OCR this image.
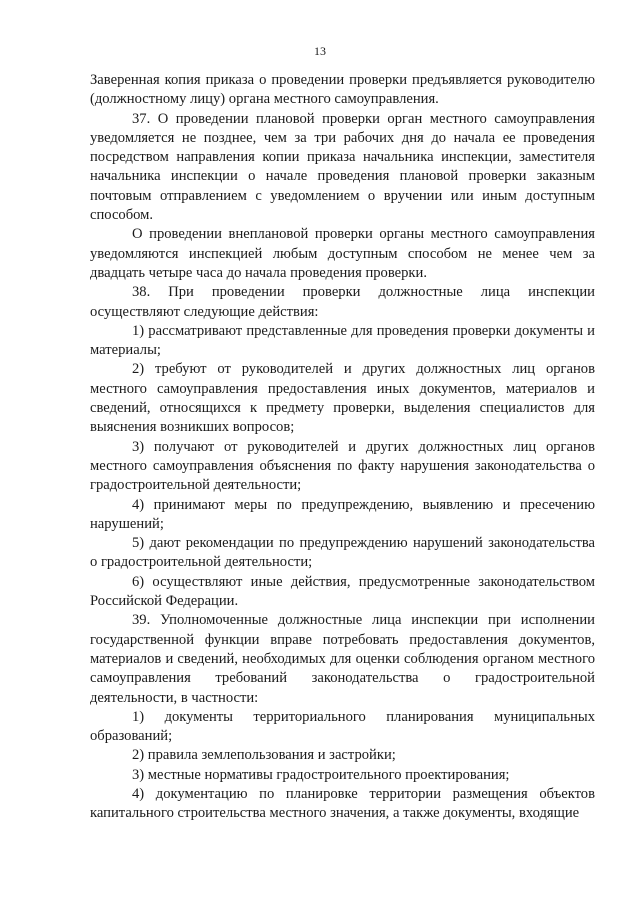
13

Заверенная копия приказа о проведении проверки предъявляется руководителю (должностному лицу) органа местного самоуправления.

37. О проведении плановой проверки орган местного самоуправления уведомляется не позднее, чем за три рабочих дня до начала ее проведения посредством направления копии приказа начальника инспекции, заместителя начальника инспекции о начале проведения плановой проверки заказным почтовым отправлением с уведомлением о вручении или иным доступным способом.

О проведении внеплановой проверки органы местного самоуправления уведомляются инспекцией любым доступным способом не менее чем за двадцать четыре часа до начала проведения проверки.

38. При проведении проверки должностные лица инспекции осуществляют следующие действия:

1) рассматривают представленные для проведения проверки документы и материалы;

2) требуют от руководителей и других должностных лиц органов местного самоуправления предоставления иных документов, материалов и сведений, относящихся к предмету проверки, выделения специалистов для выяснения возникших вопросов;

3) получают от руководителей и других должностных лиц органов местного самоуправления объяснения по факту нарушения законодательства о градостроительной деятельности;

4) принимают меры по предупреждению, выявлению и пресечению нарушений;

5) дают рекомендации по предупреждению нарушений законодательства о градостроительной деятельности;

6) осуществляют иные действия, предусмотренные законодательством Российской Федерации.

39. Уполномоченные должностные лица инспекции при исполнении государственной функции вправе потребовать предоставления документов, материалов и сведений, необходимых для оценки соблюдения органом местного самоуправления требований законодательства о градостроительной деятельности, в частности:

1) документы территориального планирования муниципальных образований;

2) правила землепользования и застройки;

3) местные нормативы градостроительного проектирования;

4) документацию по планировке территории размещения объектов капитального строительства местного значения, а также документы, входящие
